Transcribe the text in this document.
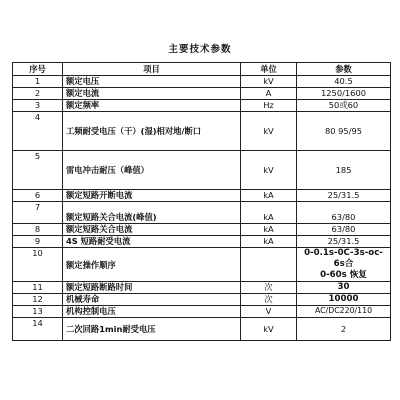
主要技术参数
序号	项目	单位	参数
1	额定电压	kV	40.5
2	额定电流	A	1250/1600
3	额定频率	Hz	50或60
4	工频耐受电压（干）(湿)相对地/断口	kV	80 95/95
5	雷电冲击耐压（峰值）	kV	185
6	额定短路开断电流	kA	25/31.5
7	额定短路关合电流(峰值)	kA	63/80
8	额定短路关合电流	kA	63/80
9	4S 短路耐受电流	kA	25/31.5
10	额定操作顺序		0-0.1s-0C-3s-oc-6s合
0-60s 恢复

11	额定短路断路时间	次	30
12	机械寿命	次	10000
13	机构控制电压	V	AC/DC220/110
14	二次回路1min耐受电压	kV	2
